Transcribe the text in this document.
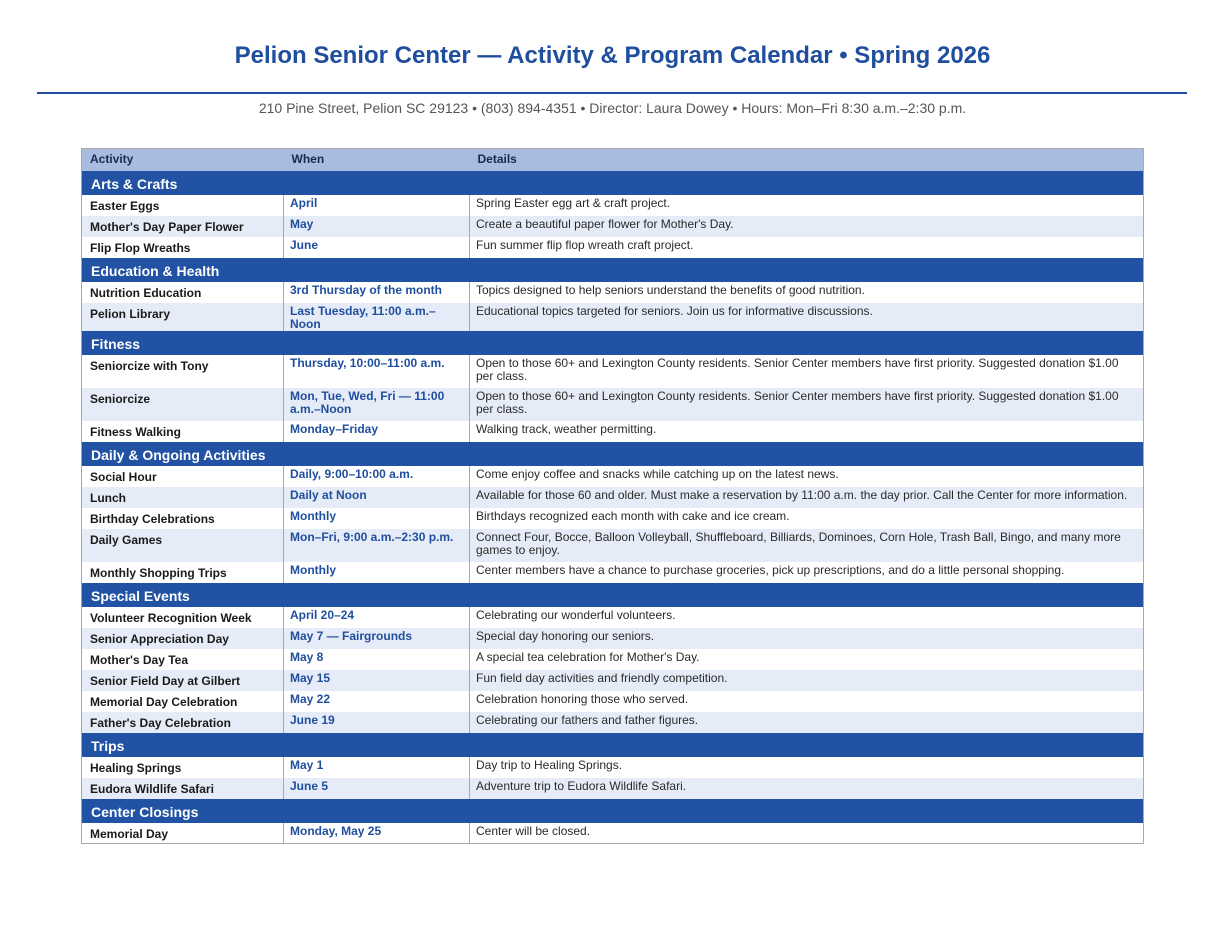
Pelion Senior Center — Activity & Program Calendar • Spring 2026
210 Pine Street, Pelion SC 29123 • (803) 894-4351 • Director: Laura Dowey • Hours: Mon–Fri 8:30 a.m.–2:30 p.m.
Activity	When	Details
Arts & Crafts		
Easter Eggs	April	Spring Easter egg art & craft project.
Mother's Day Paper Flower	May	Create a beautiful paper flower for Mother's Day.
Flip Flop Wreaths	June	Fun summer flip flop wreath craft project.
Education & Health		
Nutrition Education	3rd Thursday of the month	Topics designed to help seniors understand the benefits of good nutrition.
Pelion Library	Last Tuesday, 11:00 a.m.–Noon	Educational topics targeted for seniors. Join us for informative discussions.
Fitness		
Seniorcize with Tony	Thursday, 10:00–11:00 a.m.	Open to those 60+ and Lexington County residents. Senior Center members have first priority. Suggested donation $1.00 per class.
Seniorcize	Mon, Tue, Wed, Fri — 11:00 a.m.–Noon	Open to those 60+ and Lexington County residents. Senior Center members have first priority. Suggested donation $1.00 per class.
Fitness Walking	Monday–Friday	Walking track, weather permitting.
Daily & Ongoing Activities		
Social Hour	Daily, 9:00–10:00 a.m.	Come enjoy coffee and snacks while catching up on the latest news.
Lunch	Daily at Noon	Available for those 60 and older. Must make a reservation by 11:00 a.m. the day prior. Call the Center for more information.
Birthday Celebrations	Monthly	Birthdays recognized each month with cake and ice cream.
Daily Games	Mon–Fri, 9:00 a.m.–2:30 p.m.	Connect Four, Bocce, Balloon Volleyball, Shuffleboard, Billiards, Dominoes, Corn Hole, Trash Ball, Bingo, and many more games to enjoy.
Monthly Shopping Trips	Monthly	Center members have a chance to purchase groceries, pick up prescriptions, and do a little personal shopping.
Special Events		
Volunteer Recognition Week	April 20–24	Celebrating our wonderful volunteers.
Senior Appreciation Day	May 7 — Fairgrounds	Special day honoring our seniors.
Mother's Day Tea	May 8	A special tea celebration for Mother's Day.
Senior Field Day at Gilbert	May 15	Fun field day activities and friendly competition.
Memorial Day Celebration	May 22	Celebration honoring those who served.
Father's Day Celebration	June 19	Celebrating our fathers and father figures.
Trips		
Healing Springs	May 1	Day trip to Healing Springs.
Eudora Wildlife Safari	June 5	Adventure trip to Eudora Wildlife Safari.
Center Closings		
Memorial Day	Monday, May 25	Center will be closed.
